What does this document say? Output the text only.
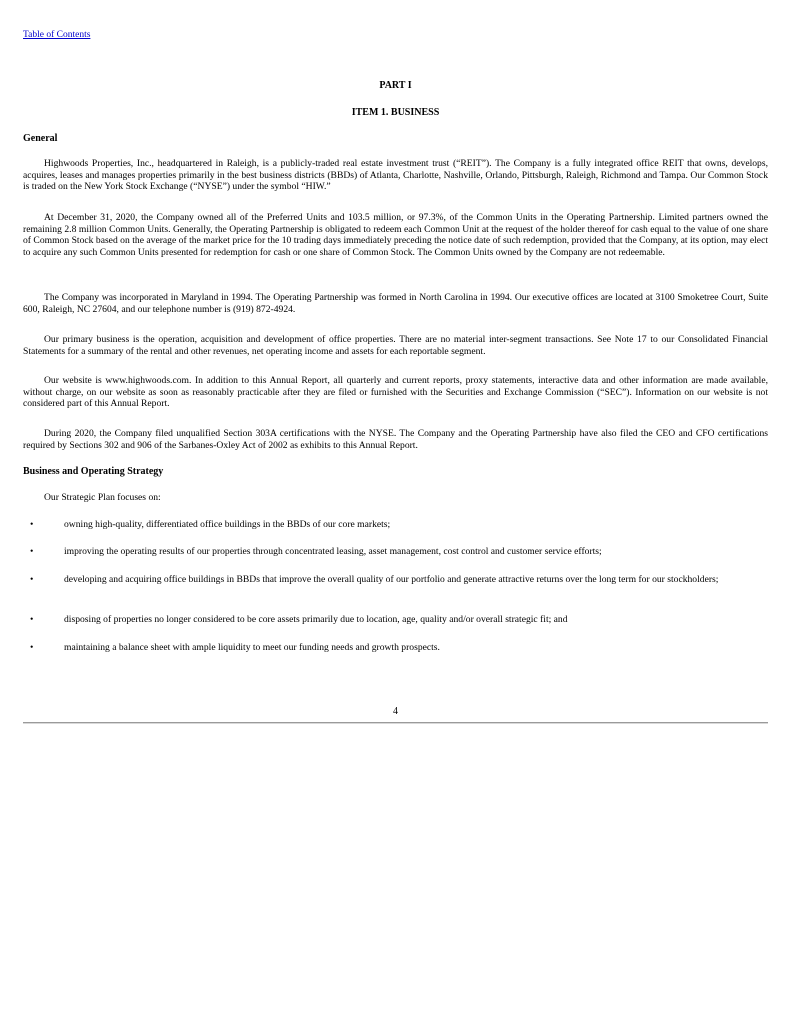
Table of Contents
PART I
ITEM 1. BUSINESS
General

Highwoods Properties, Inc., headquartered in Raleigh, is a publicly-traded real estate investment trust (“REIT”). The Company is a fully integrated office REIT that owns, develops, acquires, leases and manages properties primarily in the best business districts (BBDs) of Atlanta, Charlotte, Nashville, Orlando, Pittsburgh, Raleigh, Richmond and Tampa. Our Common Stock is traded on the New York Stock Exchange (“NYSE”) under the symbol “HIW.”

At December 31, 2020, the Company owned all of the Preferred Units and 103.5 million, or 97.3%, of the Common Units in the Operating Partnership. Limited partners owned the remaining 2.8 million Common Units. Generally, the Operating Partnership is obligated to redeem each Common Unit at the request of the holder thereof for cash equal to the value of one share of Common Stock based on the average of the market price for the 10 trading days immediately preceding the notice date of such redemption, provided that the Company, at its option, may elect to acquire any such Common Units presented for redemption for cash or one share of Common Stock. The Common Units owned by the Company are not redeemable.

The Company was incorporated in Maryland in 1994. The Operating Partnership was formed in North Carolina in 1994. Our executive offices are located at 3100 Smoketree Court, Suite 600, Raleigh, NC 27604, and our telephone number is (919) 872-4924.

Our primary business is the operation, acquisition and development of office properties. There are no material inter-segment transactions. See Note 17 to our Consolidated Financial Statements for a summary of the rental and other revenues, net operating income and assets for each reportable segment.

Our website is www.highwoods.com. In addition to this Annual Report, all quarterly and current reports, proxy statements, interactive data and other information are made available, without charge, on our website as soon as reasonably practicable after they are filed or furnished with the Securities and Exchange Commission (“SEC”). Information on our website is not considered part of this Annual Report.

During 2020, the Company filed unqualified Section 303A certifications with the NYSE. The Company and the Operating Partnership have also filed the CEO and CFO certifications required by Sections 302 and 906 of the Sarbanes-Oxley Act of 2002 as exhibits to this Annual Report.

Business and Operating Strategy
Our Strategic Plan focuses on:
•	owning high-quality, differentiated office buildings in the BBDs of our core markets;
•	improving the operating results of our properties through concentrated leasing, asset management, cost control and customer service efforts;
•	developing and acquiring office buildings in BBDs that improve the overall quality of our portfolio and generate attractive returns over the long term for our stockholders;
•	disposing of properties no longer considered to be core assets primarily due to location, age, quality and/or overall strategic fit; and
•	maintaining a balance sheet with ample liquidity to meet our funding needs and growth prospects.
4
